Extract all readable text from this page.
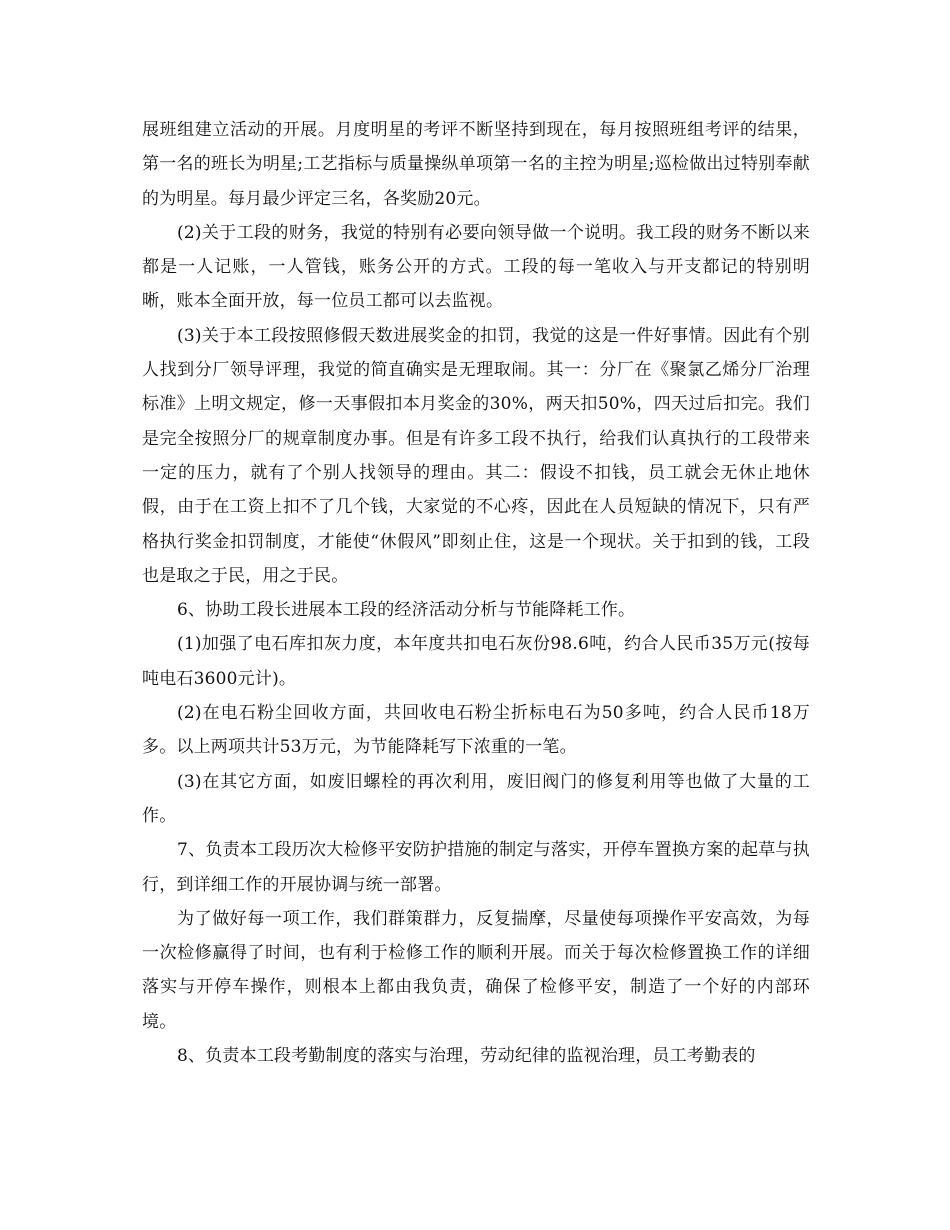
展班组建立活动的开展。月度明星的考评不断坚持到现在，每月按照班组考评的结果，第一名的班长为明星;工艺指标与质量操纵单项第一名的主控为明星;巡检做出过特别奉献的为明星。每月最少评定三名，各奖励20元。

(2)关于工段的财务，我觉的特别有必要向领导做一个说明。我工段的财务不断以来都是一人记账，一人管钱，账务公开的方式。工段的每一笔收入与开支都记的特别明晰，账本全面开放，每一位员工都可以去监视。

(3)关于本工段按照修假天数进展奖金的扣罚，我觉的这是一件好事情。因此有个别人找到分厂领导评理，我觉的简直确实是无理取闹。其一：分厂在《聚氯乙烯分厂治理标准》上明文规定，修一天事假扣本月奖金的30%，两天扣50%，四天过后扣完。我们是完全按照分厂的规章制度办事。但是有许多工段不执行，给我们认真执行的工段带来一定的压力，就有了个别人找领导的理由。其二：假设不扣钱，员工就会无休止地休假，由于在工资上扣不了几个钱，大家觉的不心疼，因此在人员短缺的情况下，只有严格执行奖金扣罚制度，才能使“休假风”即刻止住，这是一个现状。关于扣到的钱，工段也是取之于民，用之于民。

6、协助工段长进展本工段的经济活动分析与节能降耗工作。

(1)加强了电石库扣灰力度，本年度共扣电石灰份98.6吨，约合人民币35万元(按每吨电石3600元计)。

(2)在电石粉尘回收方面，共回收电石粉尘折标电石为50多吨，约合人民币18万多。以上两项共计53万元，为节能降耗写下浓重的一笔。

(3)在其它方面，如废旧螺栓的再次利用，废旧阀门的修复利用等也做了大量的工作。

7、负责本工段历次大检修平安防护措施的制定与落实，开停车置换方案的起草与执行，到详细工作的开展协调与统一部署。

为了做好每一项工作，我们群策群力，反复揣摩，尽量使每项操作平安高效，为每一次检修赢得了时间，也有利于检修工作的顺利开展。而关于每次检修置换工作的详细落实与开停车操作，则根本上都由我负责，确保了检修平安，制造了一个好的内部环境。

8、负责本工段考勤制度的落实与治理，劳动纪律的监视治理，员工考勤表的
